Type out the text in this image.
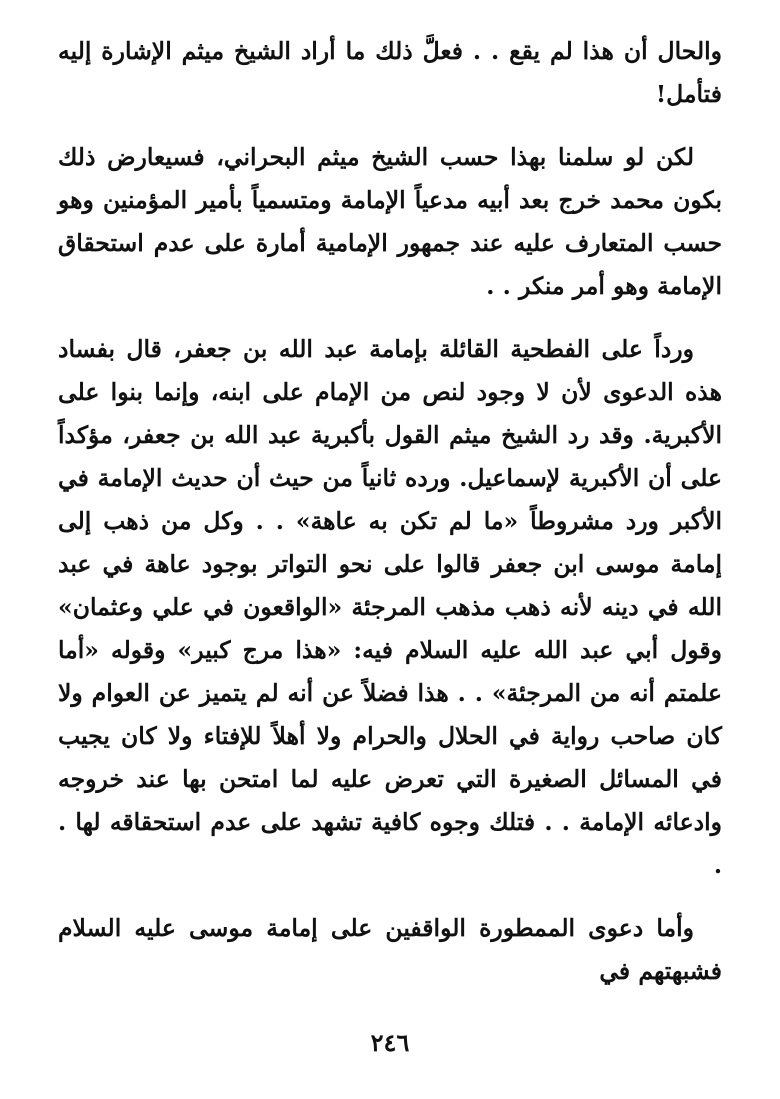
والحال أن هذا لم يقع . . فعلَّ ذلك ما أراد الشيخ ميثم الإشارة إليه فتأمل!

لكن لو سلمنا بهذا حسب الشيخ ميثم البحراني، فسيعارض ذلك بكون محمد خرج بعد أبيه مدعياً الإمامة ومتسمياً بأمير المؤمنين وهو حسب المتعارف عليه عند جمهور الإمامية أمارة على عدم استحقاق الإمامة وهو أمر منكر . .

ورداً على الفطحية القائلة بإمامة عبد الله بن جعفر، قال بفساد هذه الدعوى لأن لا وجود لنص من الإمام على ابنه، وإنما بنوا على الأكبرية. وقد رد الشيخ ميثم القول بأكبرية عبد الله بن جعفر، مؤكداً على أن الأكبرية لإسماعيل. ورده ثانياً من حيث أن حديث الإمامة في الأكبر ورد مشروطاً «ما لم تكن به عاهة» . . وكل من ذهب إلى إمامة موسى ابن جعفر قالوا على نحو التواتر بوجود عاهة في عبد الله في دينه لأنه ذهب مذهب المرجئة «الواقعون في علي وعثمان» وقول أبي عبد الله عليه السلام فيه: «هذا مرج كبير» وقوله «أما علمتم أنه من المرجئة» . . هذا فضلاً عن أنه لم يتميز عن العوام ولا كان صاحب رواية في الحلال والحرام ولا أهلاً للإفتاء ولا كان يجيب في المسائل الصغيرة التي تعرض عليه لما امتحن بها عند خروجه وادعائه الإمامة . . فتلك وجوه كافية تشهد على عدم استحقاقه لها . .

وأما دعوى الممطورة الواقفين على إمامة موسى عليه السلام فشبهتهم في

٢٤٦
